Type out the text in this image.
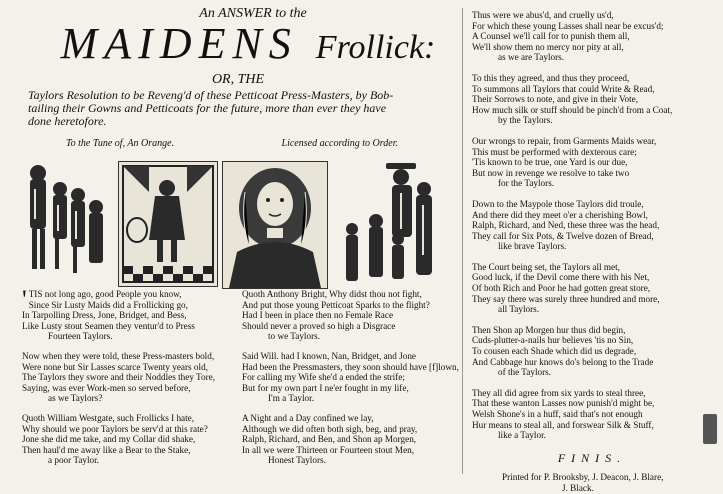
An ANSWER to the
MAIDENS Frollick:
OR, THE
Taylors Resolution to be Reveng'd of these Petticoat Press-Masters, by Bob-
tailing their Gowns and Petticoats for the future, more than ever they have
done heretofore.
To the Tune of, An Orange.	Licensed according to Order.
' TIS not long ago, good People you know,
Since Sir Lusty Maids did a Frollicking go,
In Tarpolling Dress, Jone, Bridget, and Bess,
Like Lusty stout Seamen they ventur'd to Press
Fourteen Taylors.
Now when they were told, these Press-masters bold,
Were none but Sir Lasses scarce Twenty years old,
The Taylors they swore and their Noddles they Tore,
Saying, was ever Work-men so served before,
as we Taylors?
Quoth William Westgate, such Frollicks I hate,
Why should we poor Taylors be serv'd at this rate?
Jone she did me take, and my Collar did shake,
Then haul'd me away like a Bear to the Stake,
a poor Taylor.
Quoth Anthony Bright, Why didst thou not fight,
And put those young Petticoat Sparks to the flight?
Had I been in place then no Female Race
Should never a proved so high a Disgrace
to we Taylors.
Said Will. had I known, Nan, Bridget, and Jone
Had been the Pressmasters, they soon should have [f]lown,
For calling my Wife she'd a ended the strife;
But for my own part I ne'er fought in my life,
I'm a Taylor.
A Night and a Day confined we lay,
Although we did often both sigh, beg, and pray,
Ralph, Richard, and Ben, and Shon ap Morgen,
In all we were Thirteen or Fourteen stout Men,
Honest Taylors.
Thus were we abus'd, and cruelly us'd,
For which these young Lasses shall near be excus'd;
A Counsel we'll call for to punish them all,
We'll show them no mercy nor pity at all,
as we are Taylors.
To this they agreed, and thus they proceed,
To summons all Taylors that could Write & Read,
Their Sorrows to note, and give in their Vote,
How much silk or stuff should be pinch'd from a Coat,
by the Taylors.
Our wrongs to repair, from Garments Maids wear,
This must be performed with dexterous care;
'Tis known to be true, one Yard is our due,
But now in revenge we resolve to take two
for the Taylors.
Down to the Maypole those Taylors did troule,
And there did they meet o'er a cherishing Bowl,
Ralph, Richard, and Ned, these three was the head,
They call for Six Pots, & Twelve dozen of Bread,
like brave Taylors.
The Court being set, the Taylors all met,
Good luck, if the Devil come there with his Net,
Of both Rich and Poor he had gotten great store,
They say there was surely three hundred and more,
all Taylors.
Then Shon ap Morgen hur thus did begin,
Cuds-plutter-a-nails hur believes 'tis no Sin,
To cousen each Shade which did us degrade,
And Cabbage hur knows do's belong to the Trade
of the Taylors.
They all did agree from six yards to steal three,
That these wanton Lasses now punish'd might be,
Welsh Shone's in a huff, said that's not enough
Hur means to steal all, and forswear Silk & Stuff,
like a Taylor.
FINIS.
Printed for P. Brooksby, J. Deacon, J. Blare,
J. Black.
